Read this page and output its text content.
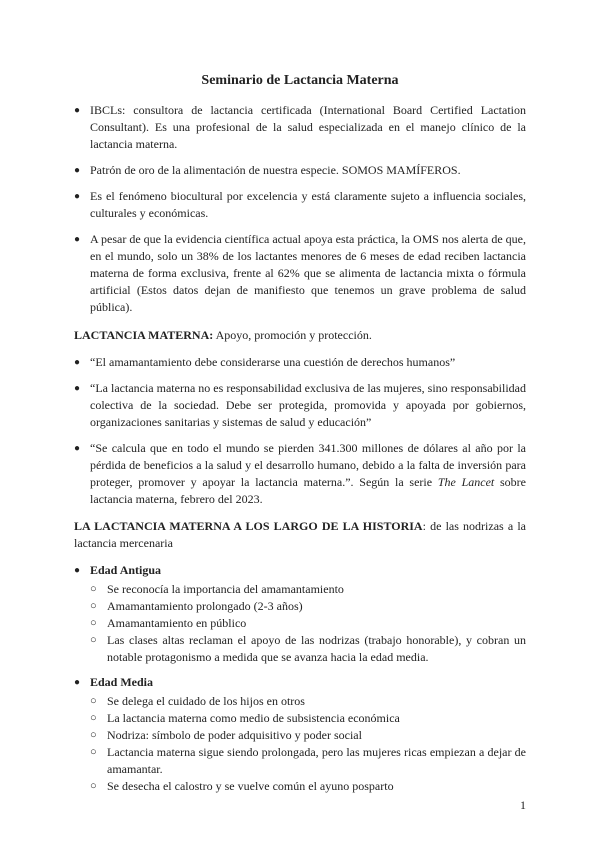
Seminario de Lactancia Materna
● IBCLs: consultora de lactancia certificada (International Board Certified Lactation Consultant). Es una profesional de la salud especializada en el manejo clínico de la lactancia materna.
● Patrón de oro de la alimentación de nuestra especie. SOMOS MAMÍFEROS.
● Es el fenómeno biocultural por excelencia y está claramente sujeto a influencia sociales, culturales y económicas.
● A pesar de que la evidencia científica actual apoya esta práctica, la OMS nos alerta de que, en el mundo, solo un 38% de los lactantes menores de 6 meses de edad reciben lactancia materna de forma exclusiva, frente al 62% que se alimenta de lactancia mixta o fórmula artificial (Estos datos dejan de manifiesto que tenemos un grave problema de salud pública).

LACTANCIA MATERNA: Apoyo, promoción y protección.

● “El amamantamiento debe considerarse una cuestión de derechos humanos”
● “La lactancia materna no es responsabilidad exclusiva de las mujeres, sino responsabilidad colectiva de la sociedad. Debe ser protegida, promovida y apoyada por gobiernos, organizaciones sanitarias y sistemas de salud y educación”
● “Se calcula que en todo el mundo se pierden 341.300 millones de dólares al año por la pérdida de beneficios a la salud y el desarrollo humano, debido a la falta de inversión para proteger, promover y apoyar la lactancia materna.”. Según la serie The Lancet sobre lactancia materna, febrero del 2023.

LA LACTANCIA MATERNA A LOS LARGO DE LA HISTORIA: de las nodrizas a la lactancia mercenaria

● Edad Antigua
○ Se reconocía la importancia del amamantamiento
○ Amamantamiento prolongado (2-3 años)
○ Amamantamiento en público
○ Las clases altas reclaman el apoyo de las nodrizas (trabajo honorable), y cobran un notable protagonismo a medida que se avanza hacia la edad media.
● Edad Media
○ Se delega el cuidado de los hijos en otros
○ La lactancia materna como medio de subsistencia económica
○ Nodriza: símbolo de poder adquisitivo y poder social
○ Lactancia materna sigue siendo prolongada, pero las mujeres ricas empiezan a dejar de amamantar.
○ Se desecha el calostro y se vuelve común el ayuno posparto
1
